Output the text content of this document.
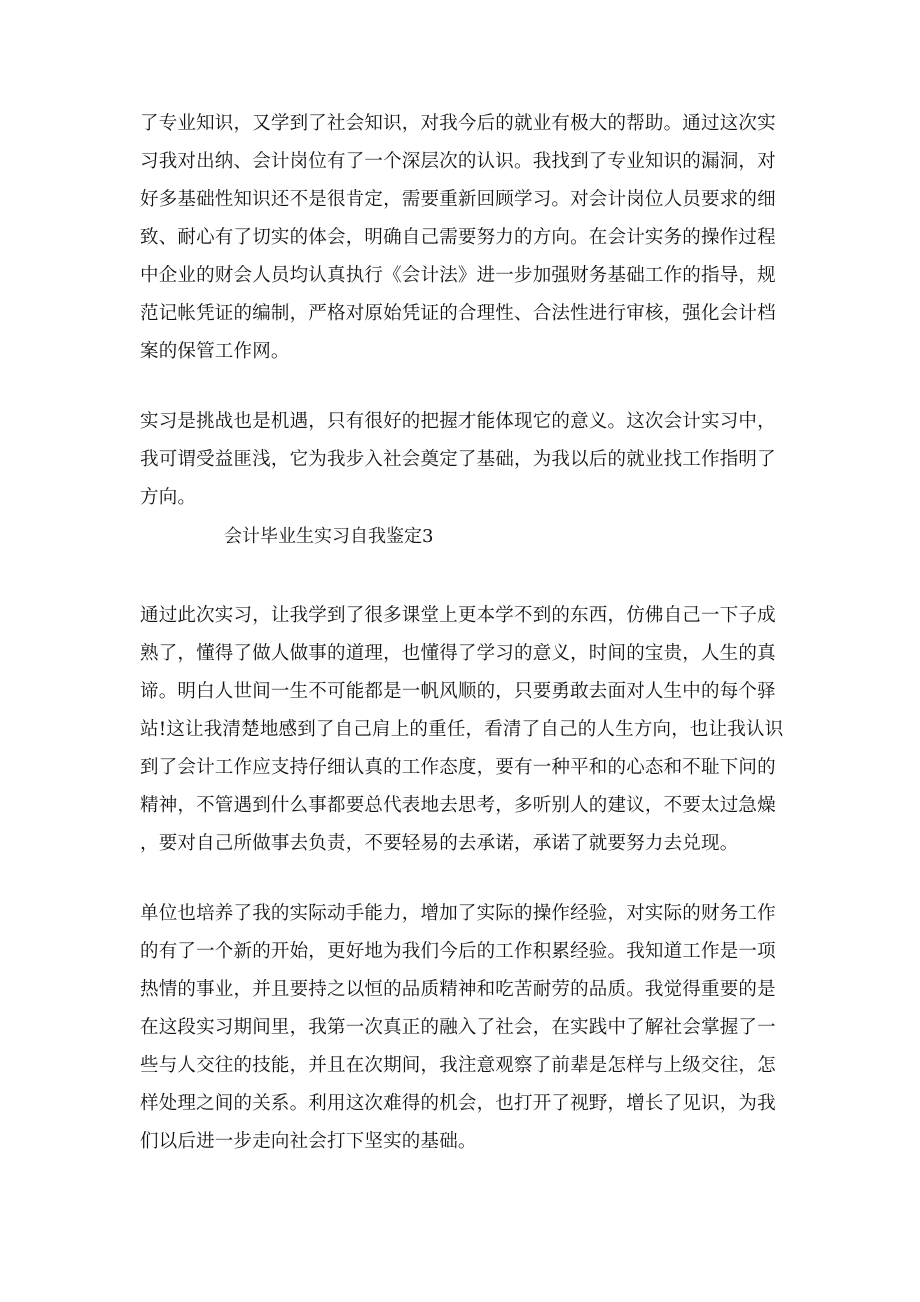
了专业知识，又学到了社会知识，对我今后的就业有极大的帮助。通过这次实
习我对出纳、会计岗位有了一个深层次的认识。我找到了专业知识的漏洞，对
好多基础性知识还不是很肯定，需要重新回顾学习。对会计岗位人员要求的细
致、耐心有了切实的体会，明确自己需要努力的方向。在会计实务的操作过程
中企业的财会人员均认真执行《会计法》进一步加强财务基础工作的指导，规
范记帐凭证的编制，严格对原始凭证的合理性、合法性进行审核，强化会计档
案的保管工作网。
实习是挑战也是机遇，只有很好的把握才能体现它的意义。这次会计实习中，
我可谓受益匪浅，它为我步入社会奠定了基础，为我以后的就业找工作指明了
方向。
会计毕业生实习自我鉴定3
通过此次实习，让我学到了很多课堂上更本学不到的东西，仿佛自己一下子成
熟了，懂得了做人做事的道理，也懂得了学习的意义，时间的宝贵，人生的真
谛。明白人世间一生不可能都是一帆风顺的，只要勇敢去面对人生中的每个驿
站!这让我清楚地感到了自己肩上的重任，看清了自己的人生方向，也让我认识
到了会计工作应支持仔细认真的工作态度，要有一种平和的心态和不耻下问的
精神，不管遇到什么事都要总代表地去思考，多听别人的建议，不要太过急燥
，要对自己所做事去负责，不要轻易的去承诺，承诺了就要努力去兑现。
单位也培养了我的实际动手能力，增加了实际的操作经验，对实际的财务工作
的有了一个新的开始，更好地为我们今后的工作积累经验。我知道工作是一项
热情的事业，并且要持之以恒的品质精神和吃苦耐劳的品质。我觉得重要的是
在这段实习期间里，我第一次真正的融入了社会，在实践中了解社会掌握了一
些与人交往的技能，并且在次期间，我注意观察了前辈是怎样与上级交往，怎
样处理之间的关系。利用这次难得的机会，也打开了视野，增长了见识，为我
们以后进一步走向社会打下坚实的基础。
